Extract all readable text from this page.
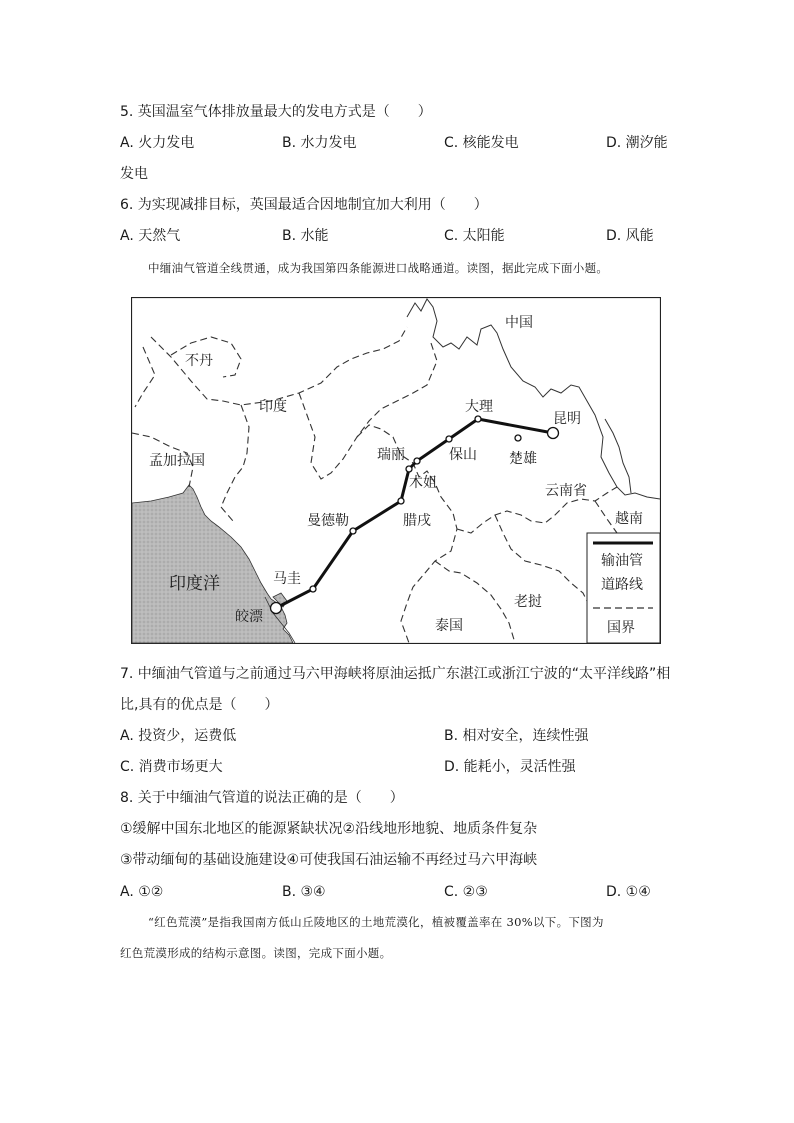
5. 英国温室气体排放量最大的发电方式是（　　）
A. 火力发电	B. 水力发电	C. 核能发电	D. 潮汐能
发电
6. 为实现减排目标，英国最适合因地制宜加大利用（　　）
A. 天然气	B. 水能	C. 太阳能	D. 风能
中缅油气管道全线贯通，成为我国第四条能源进口战略通道。读图，据此完成下面小题。
中国
不丹
印度
孟加拉国
印度洋
云南省
越南
老挝
泰国
昆明
大理
保山 楚雄
瑞丽
木姐
腊戌
曼德勒
马圭
皎漂
输油管
道路线
国界
7. 中缅油气管道与之前通过马六甲海峡将原油运抵广东湛江或浙江宁波的“太平洋线路”相
比,具有的优点是（　　）
A. 投资少，运费低	B. 相对安全，连续性强
C. 消费市场更大	D. 能耗小，灵活性强
8. 关于中缅油气管道的说法正确的是（　　）
①缓解中国东北地区的能源紧缺状况②沿线地形地貌、地质条件复杂
③带动缅甸的基础设施建设④可使我国石油运输不再经过马六甲海峡
A. ①②	B. ③④	C. ②③	D. ①④
“红色荒漠”是指我国南方低山丘陵地区的土地荒漠化，植被覆盖率在 30%以下。下图为
红色荒漠形成的结构示意图。读图，完成下面小题。
